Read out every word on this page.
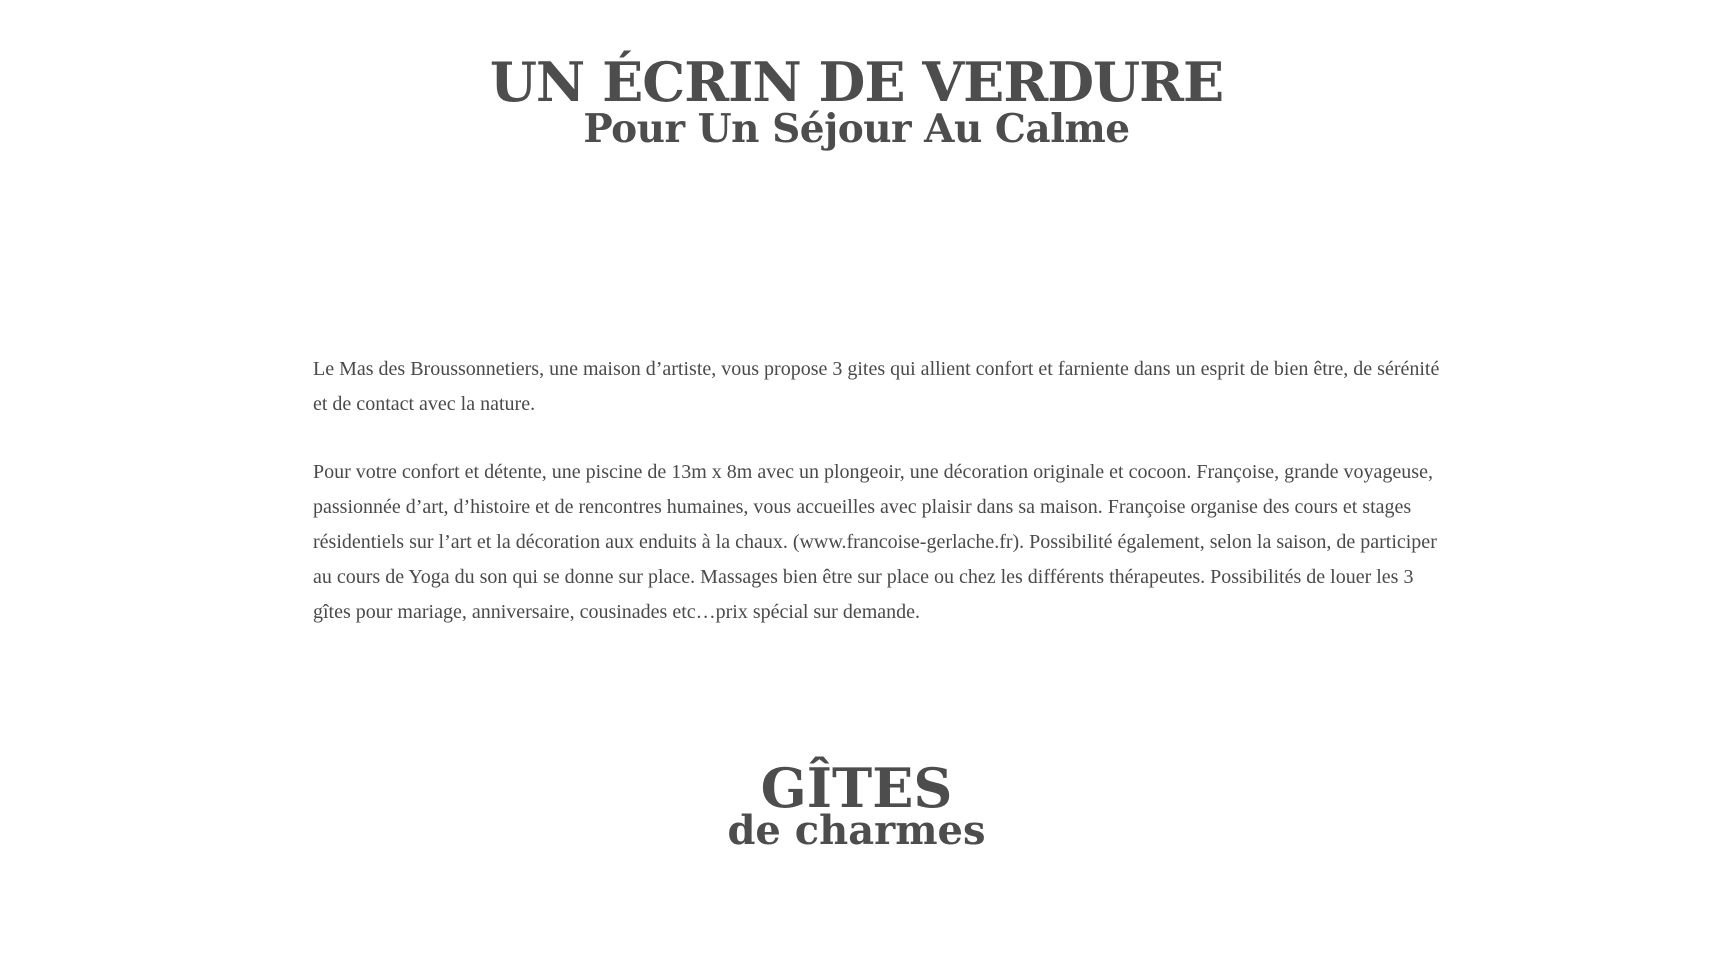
UN ÉCRIN DE VERDURE
Pour Un Séjour Au Calme

Le Mas des Broussonnetiers, une maison d’artiste, vous propose 3 gites qui allient confort et farniente dans un esprit de bien être, de sérénité et de contact avec la nature.

Pour votre confort et détente, une piscine de 13m x 8m avec un plongeoir, une décoration originale et cocoon. Françoise, grande voyageuse, passionnée d’art, d’histoire et de rencontres humaines, vous accueilles avec plaisir dans sa maison. Françoise organise des cours et stages résidentiels sur l’art et la décoration aux enduits à la chaux. (www.francoise-gerlache.fr). Possibilité également, selon la saison, de participer au cours de Yoga du son qui se donne sur place. Massages bien être sur place ou chez les différents thérapeutes. Possibilités de louer les 3 gîtes pour mariage, anniversaire, cousinades etc…prix spécial sur demande.

GÎTES
de charmes
